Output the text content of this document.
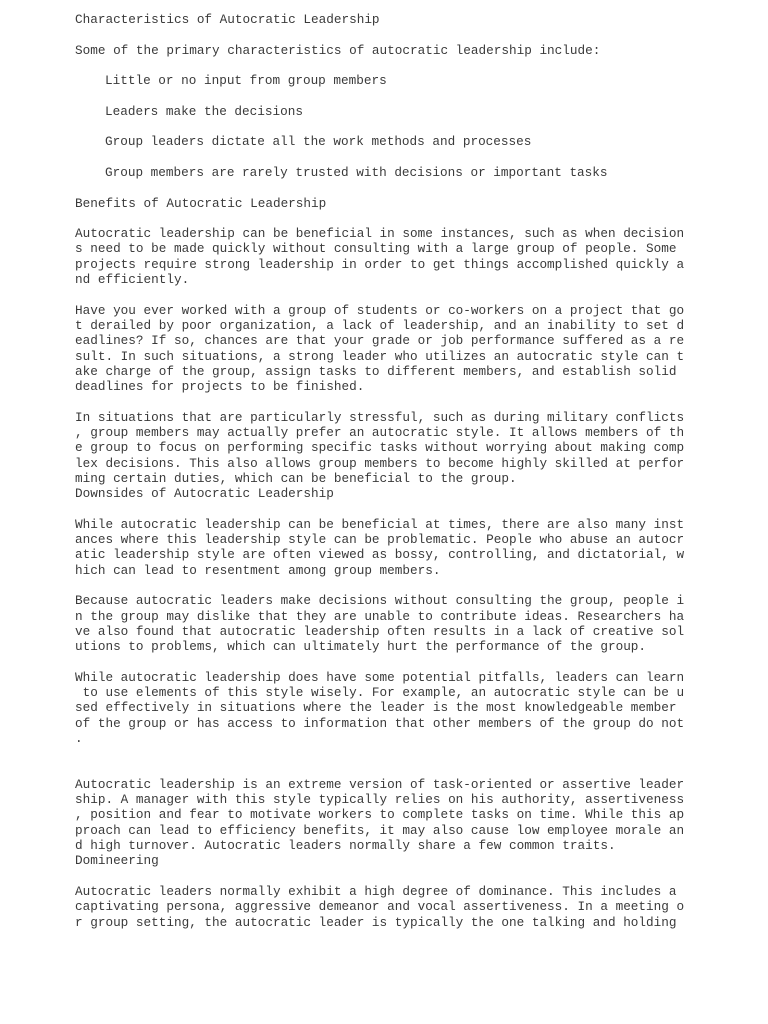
Characteristics of Autocratic Leadership
Some of the primary characteristics of autocratic leadership include:
Little or no input from group members
Leaders make the decisions
Group leaders dictate all the work methods and processes
Group members are rarely trusted with decisions or important tasks
Benefits of Autocratic Leadership
Autocratic leadership can be beneficial in some instances, such as when decision
s need to be made quickly without consulting with a large group of people. Some
projects require strong leadership in order to get things accomplished quickly a
nd efficiently.
Have you ever worked with a group of students or co-workers on a project that go
t derailed by poor organization, a lack of leadership, and an inability to set d
eadlines? If so, chances are that your grade or job performance suffered as a re
sult. In such situations, a strong leader who utilizes an autocratic style can t
ake charge of the group, assign tasks to different members, and establish solid
deadlines for projects to be finished.
In situations that are particularly stressful, such as during military conflicts
, group members may actually prefer an autocratic style. It allows members of th
e group to focus on performing specific tasks without worrying about making comp
lex decisions. This also allows group members to become highly skilled at perfor
ming certain duties, which can be beneficial to the group.
Downsides of Autocratic Leadership
While autocratic leadership can be beneficial at times, there are also many inst
ances where this leadership style can be problematic. People who abuse an autocr
atic leadership style are often viewed as bossy, controlling, and dictatorial, w
hich can lead to resentment among group members.
Because autocratic leaders make decisions without consulting the group, people i
n the group may dislike that they are unable to contribute ideas. Researchers ha
ve also found that autocratic leadership often results in a lack of creative sol
utions to problems, which can ultimately hurt the performance of the group.
While autocratic leadership does have some potential pitfalls, leaders can learn
to use elements of this style wisely. For example, an autocratic style can be u
sed effectively in situations where the leader is the most knowledgeable member
of the group or has access to information that other members of the group do not
.
Autocratic leadership is an extreme version of task-oriented or assertive leader
ship. A manager with this style typically relies on his authority, assertiveness
, position and fear to motivate workers to complete tasks on time. While this ap
proach can lead to efficiency benefits, it may also cause low employee morale an
d high turnover. Autocratic leaders normally share a few common traits.
Domineering
Autocratic leaders normally exhibit a high degree of dominance. This includes a
captivating persona, aggressive demeanor and vocal assertiveness. In a meeting o
r group setting, the autocratic leader is typically the one talking and holding
